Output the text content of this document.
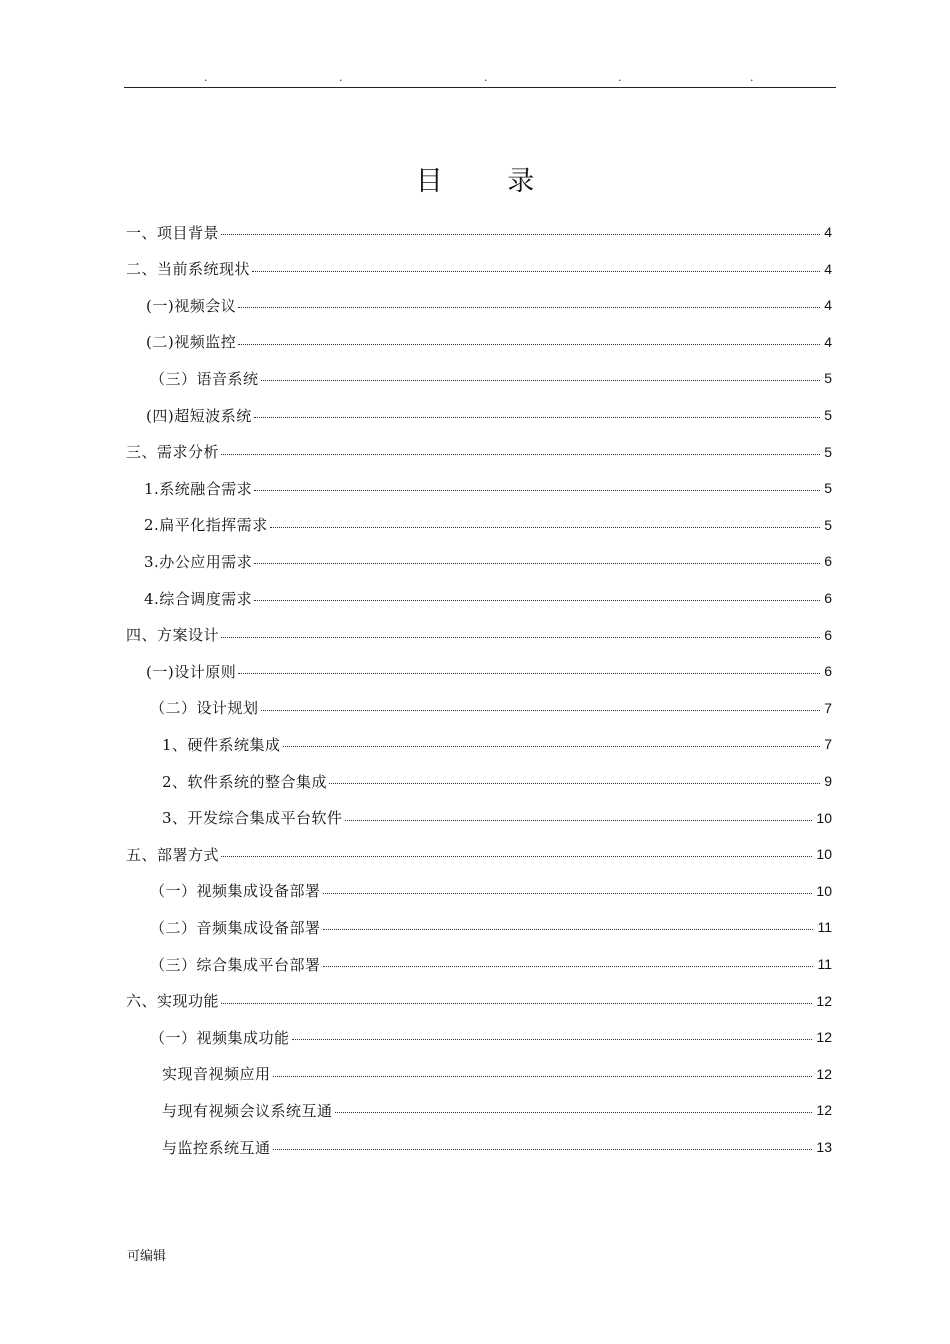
.	.	.	.	.
目 录
一、项目背景	4
二、当前系统现状	4
(一)视频会议	4
(二)视频监控	4
（三）语音系统	5
(四)超短波系统	5
三、需求分析	5
1.系统融合需求	5
2.扁平化指挥需求	5
3.办公应用需求	6
4.综合调度需求	6
四、方案设计	6
(一)设计原则	6
（二）设计规划	7
1、硬件系统集成	7
2、软件系统的整合集成	9
3、开发综合集成平台软件	10
五、部署方式	10
（一）视频集成设备部署	10
（二）音频集成设备部署	11
（三）综合集成平台部署	11
六、实现功能	12
（一）视频集成功能	12
实现音视频应用	12
与现有视频会议系统互通	12
与监控系统互通	13
可编辑
